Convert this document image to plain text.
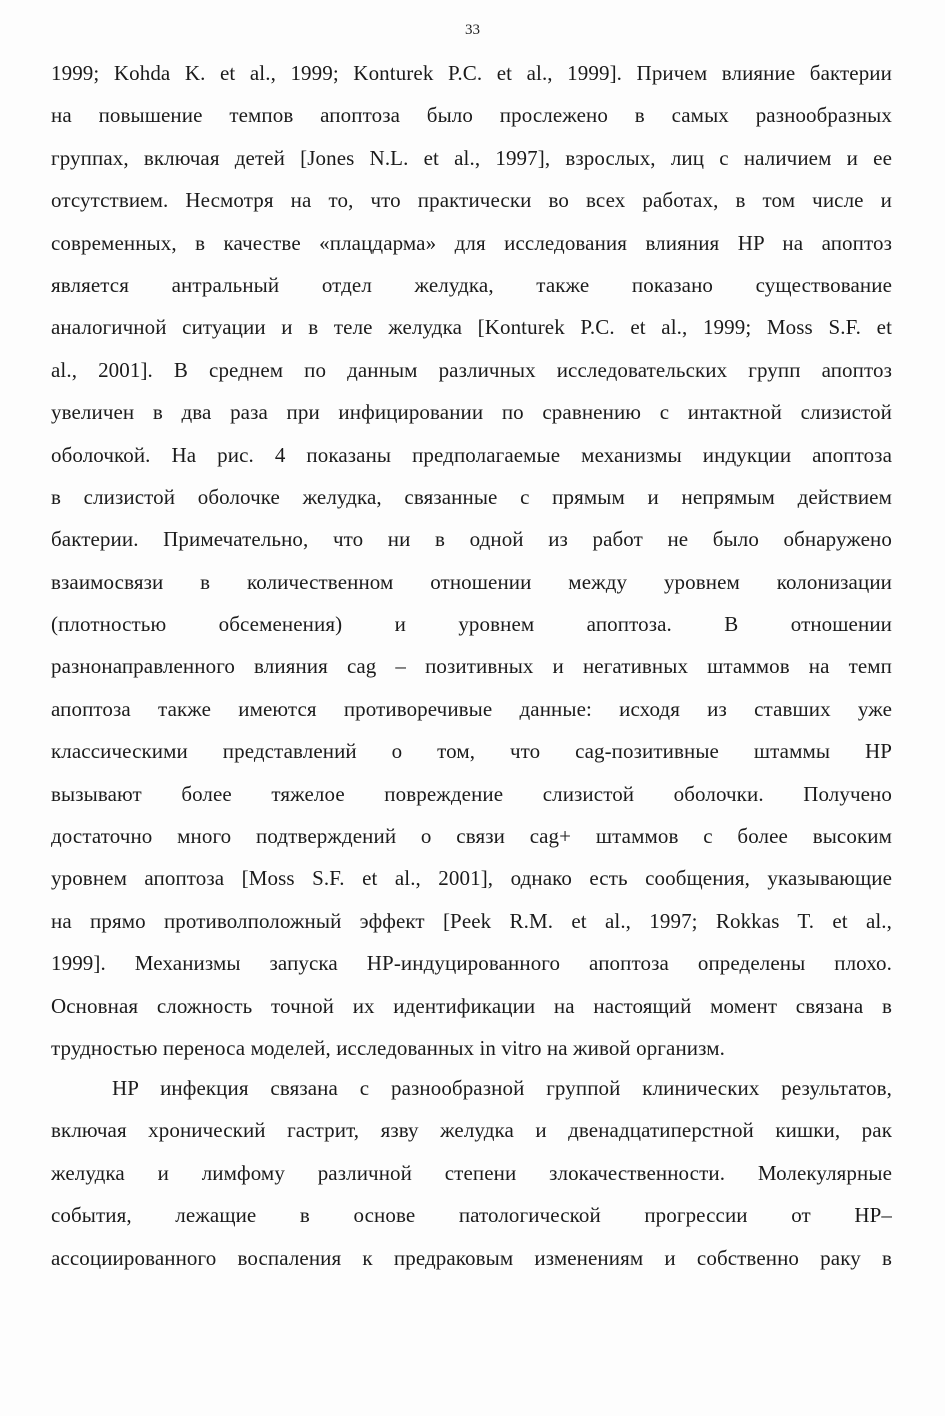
33
1999; Kohda K. et al., 1999; Konturek P.C. et al., 1999]. Причем влияние бактерии
на повышение темпов апоптоза было прослежено в самых разнообразных
группах, включая детей [Jones N.L. et al., 1997], взрослых, лиц с наличием и ее
отсутствием. Несмотря на то, что практически во всех работах, в том числе и
современных, в качестве «плацдарма» для исследования влияния HP на апоптоз
является антральный отдел желудка, также показано существование
аналогичной ситуации и в теле желудка [Konturek P.C. et al., 1999; Moss S.F. et
al., 2001]. В среднем по данным различных исследовательских групп апоптоз
увеличен в два раза при инфицировании по сравнению с интактной слизистой
оболочкой. На рис. 4 показаны предполагаемые механизмы индукции апоптоза
в слизистой оболочке желудка, связанные с прямым и непрямым действием
бактерии. Примечательно, что ни в одной из работ не было обнаружено
взаимосвязи в количественном отношении между уровнем колонизации
(плотностью обсеменения) и уровнем апоптоза. В отношении
разнонаправленного влияния cag – позитивных и негативных штаммов на темп
апоптоза также имеются противоречивые данные: исходя из ставших уже
классическими представлений о том, что cag-позитивные штаммы HP
вызывают более тяжелое повреждение слизистой оболочки. Получено
достаточно много подтверждений о связи cag+ штаммов с более высоким
уровнем апоптоза [Moss S.F. et al., 2001], однако есть сообщения, указывающие
на прямо противолположный эффект [Peek R.M. et al., 1997; Rokkas T. et al.,
1999]. Механизмы запуска HP-индуцированного апоптоза определены плохо.
Основная сложность точной их идентификации на настоящий момент связана в
трудностью переноса моделей, исследованных in vitro на живой организм.
HP инфекция связана с разнообразной группой клинических результатов,
включая хронический гастрит, язву желудка и двенадцатиперстной кишки, рак
желудка и лимфому различной степени злокачественности. Молекулярные
события, лежащие в основе патологической прогрессии от HP–
ассоциированного воспаления к предраковым изменениям и собственно раку в
